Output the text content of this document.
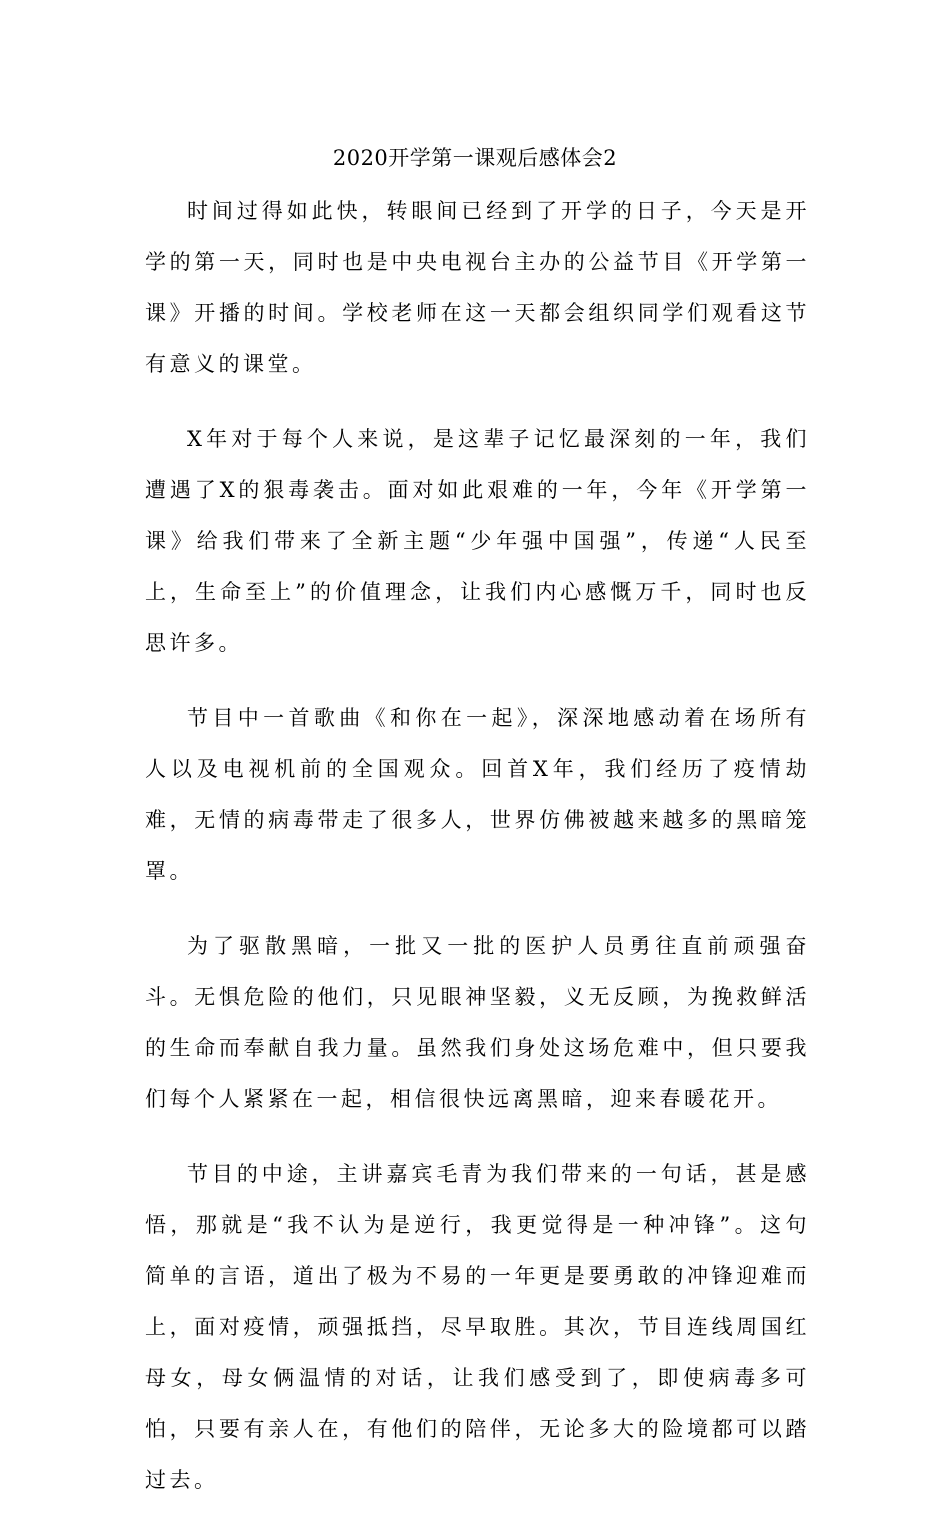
2020开学第一课观后感体会2

时间过得如此快，转眼间已经到了开学的日子，今天是开学的第一天，同时也是中央电视台主办的公益节目《开学第一课》开播的时间。学校老师在这一天都会组织同学们观看这节有意义的课堂。

X年对于每个人来说，是这辈子记忆最深刻的一年，我们遭遇了X的狠毒袭击。面对如此艰难的一年，今年《开学第一课》给我们带来了全新主题“少年强中国强”，传递“人民至上，生命至上”的价值理念，让我们内心感慨万千，同时也反思许多。

节目中一首歌曲《和你在一起》，深深地感动着在场所有人以及电视机前的全国观众。回首X年，我们经历了疫情劫难，无情的病毒带走了很多人，世界仿佛被越来越多的黑暗笼罩。

为了驱散黑暗，一批又一批的医护人员勇往直前顽强奋斗。无惧危险的他们，只见眼神坚毅，义无反顾，为挽救鲜活的生命而奉献自我力量。虽然我们身处这场危难中，但只要我们每个人紧紧在一起，相信很快远离黑暗，迎来春暖花开。

节目的中途，主讲嘉宾毛青为我们带来的一句话，甚是感悟，那就是“我不认为是逆行，我更觉得是一种冲锋”。这句简单的言语，道出了极为不易的一年更是要勇敢的冲锋迎难而上，面对疫情，顽强抵挡，尽早取胜。其次，节目连线周国红母女，母女俩温情的对话，让我们感受到了，即使病毒多可怕，只要有亲人在，有他们的陪伴，无论多大的险境都可以踏过去。
